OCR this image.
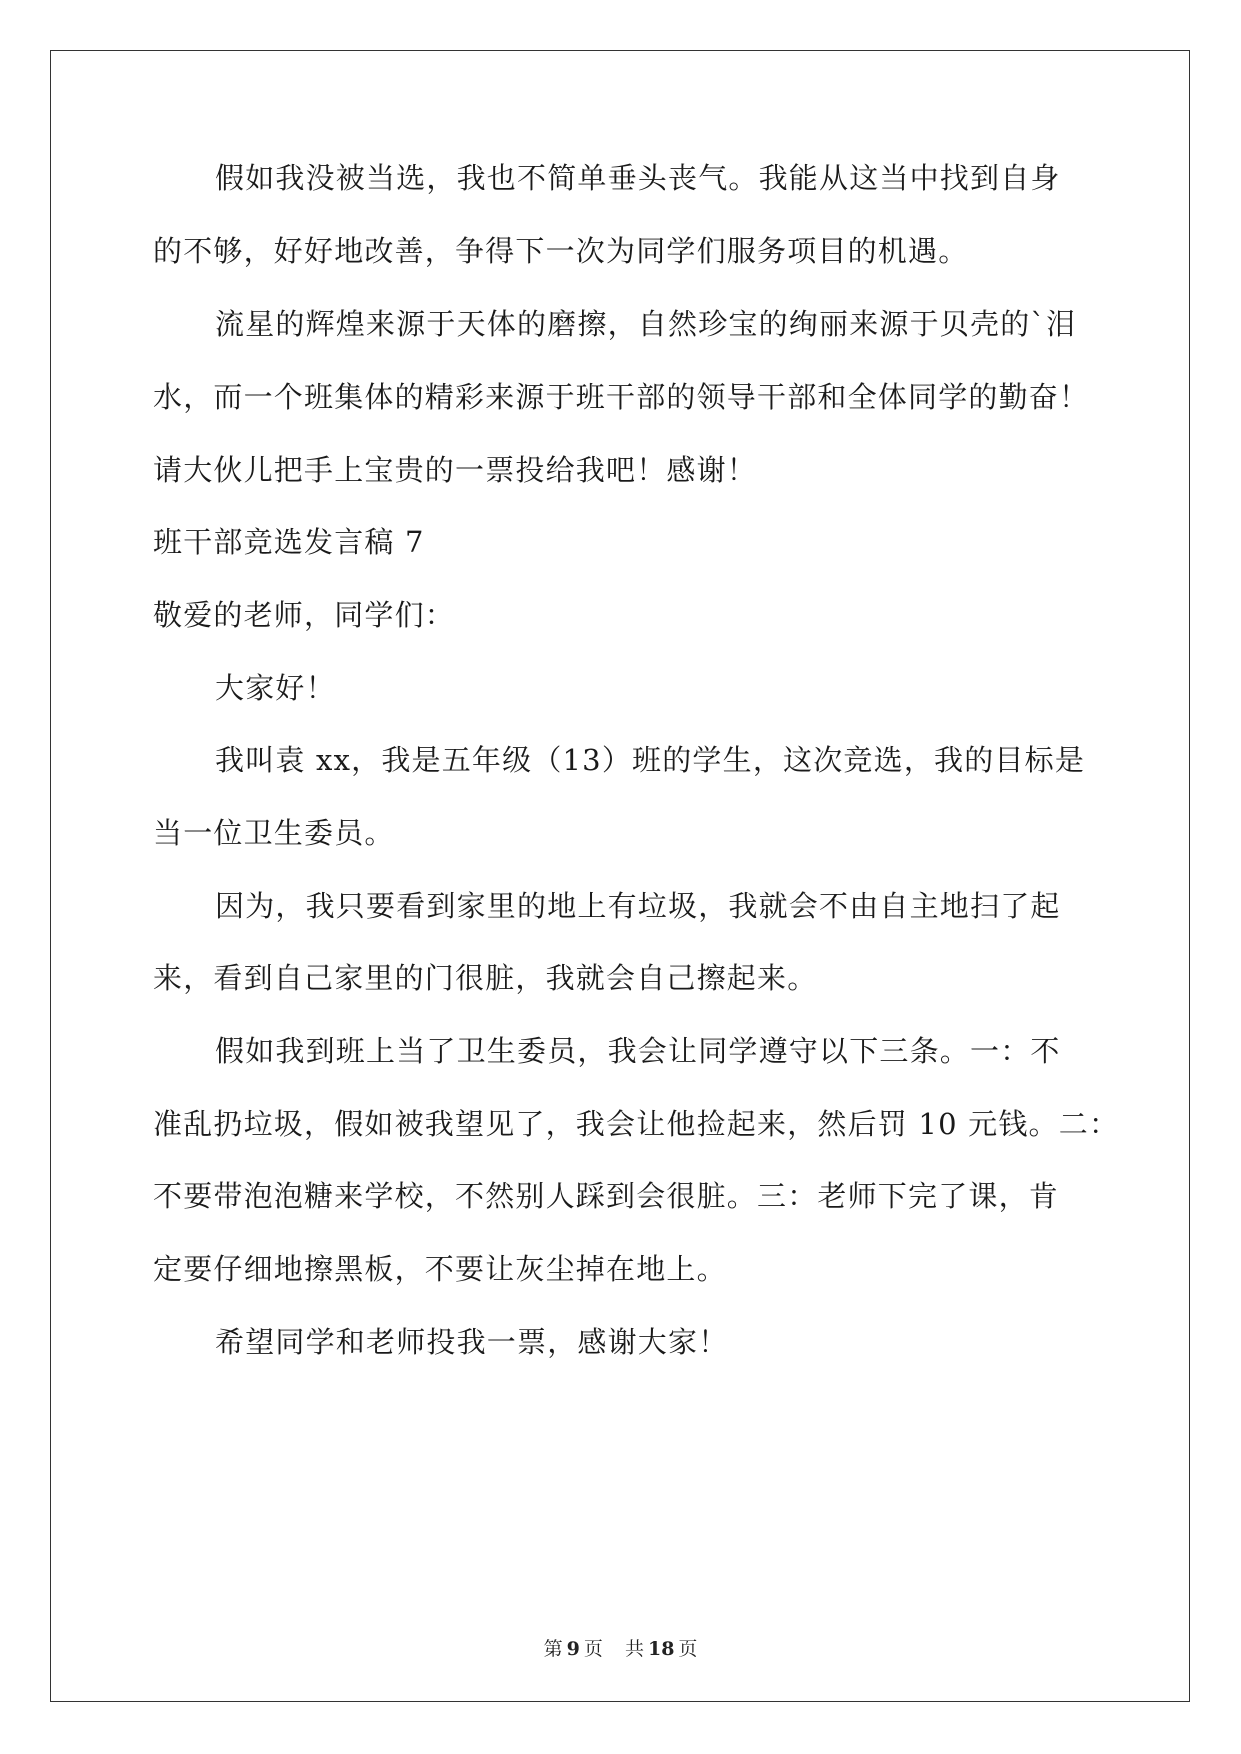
假如我没被当选，我也不简单垂头丧气。我能从这当中找到自身
的不够，好好地改善，争得下一次为同学们服务项目的机遇。
流星的辉煌来源于天体的磨擦，自然珍宝的绚丽来源于贝壳的`泪
水，而一个班集体的精彩来源于班干部的领导干部和全体同学的勤奋！
请大伙儿把手上宝贵的一票投给我吧！感谢！
班干部竞选发言稿 7
敬爱的老师，同学们：
大家好！
我叫袁 xx，我是五年级（13）班的学生，这次竞选，我的目标是
当一位卫生委员。
因为，我只要看到家里的地上有垃圾，我就会不由自主地扫了起
来，看到自己家里的门很脏，我就会自己擦起来。
假如我到班上当了卫生委员，我会让同学遵守以下三条。一：不
准乱扔垃圾，假如被我望见了，我会让他捡起来，然后罚 10 元钱。二：
不要带泡泡糖来学校，不然别人踩到会很脏。三：老师下完了课，肯
定要仔细地擦黑板，不要让灰尘掉在地上。
希望同学和老师投我一票，感谢大家！
第 9 页 共 18 页
